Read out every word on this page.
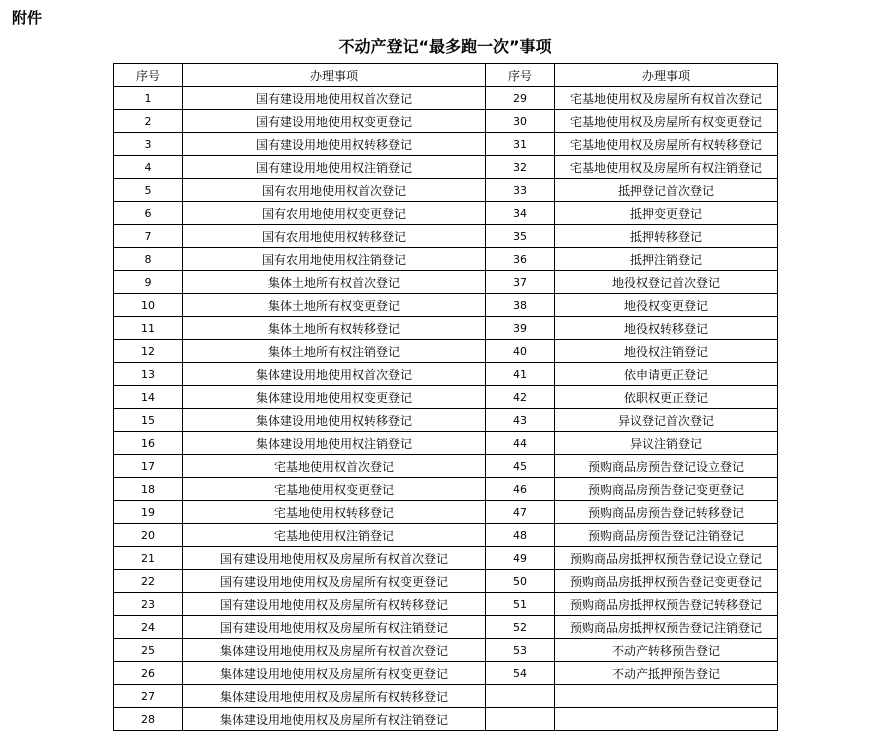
附件
不动产登记“最多跑一次”事项
序号	办理事项	序号	办理事项
1	国有建设用地使用权首次登记	29	宅基地使用权及房屋所有权首次登记
2	国有建设用地使用权变更登记	30	宅基地使用权及房屋所有权变更登记
3	国有建设用地使用权转移登记	31	宅基地使用权及房屋所有权转移登记
4	国有建设用地使用权注销登记	32	宅基地使用权及房屋所有权注销登记
5	国有农用地使用权首次登记	33	抵押登记首次登记
6	国有农用地使用权变更登记	34	抵押变更登记
7	国有农用地使用权转移登记	35	抵押转移登记
8	国有农用地使用权注销登记	36	抵押注销登记
9	集体土地所有权首次登记	37	地役权登记首次登记
10	集体土地所有权变更登记	38	地役权变更登记
11	集体土地所有权转移登记	39	地役权转移登记
12	集体土地所有权注销登记	40	地役权注销登记
13	集体建设用地使用权首次登记	41	依申请更正登记
14	集体建设用地使用权变更登记	42	依职权更正登记
15	集体建设用地使用权转移登记	43	异议登记首次登记
16	集体建设用地使用权注销登记	44	异议注销登记
17	宅基地使用权首次登记	45	预购商品房预告登记设立登记
18	宅基地使用权变更登记	46	预购商品房预告登记变更登记
19	宅基地使用权转移登记	47	预购商品房预告登记转移登记
20	宅基地使用权注销登记	48	预购商品房预告登记注销登记
21	国有建设用地使用权及房屋所有权首次登记	49	预购商品房抵押权预告登记设立登记
22	国有建设用地使用权及房屋所有权变更登记	50	预购商品房抵押权预告登记变更登记
23	国有建设用地使用权及房屋所有权转移登记	51	预购商品房抵押权预告登记转移登记
24	国有建设用地使用权及房屋所有权注销登记	52	预购商品房抵押权预告登记注销登记
25	集体建设用地使用权及房屋所有权首次登记	53	不动产转移预告登记
26	集体建设用地使用权及房屋所有权变更登记	54	不动产抵押预告登记
27	集体建设用地使用权及房屋所有权转移登记		
28	集体建设用地使用权及房屋所有权注销登记		
